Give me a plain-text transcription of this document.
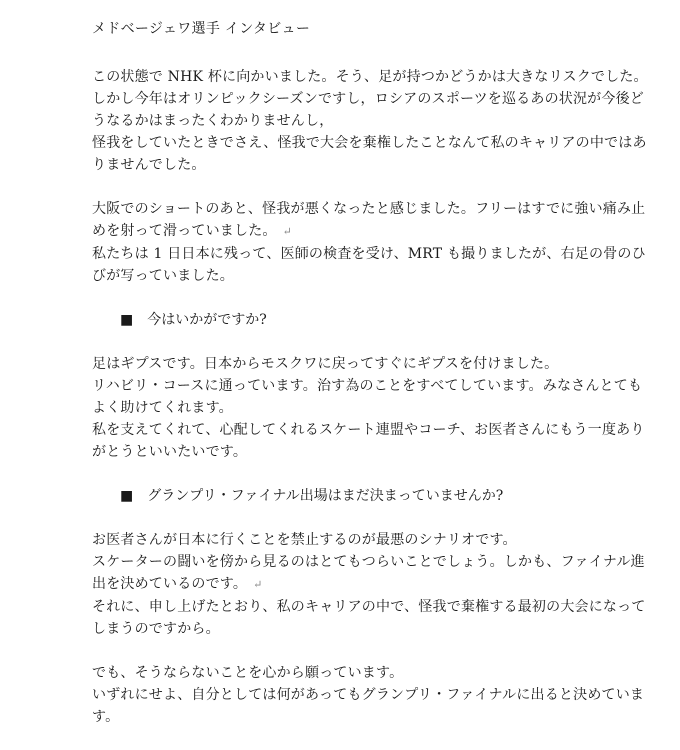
メドベージェワ選手 インタビュー

この状態で NHK 杯に向かいました。そう、足が持つかどうかは大きなリスクでした。

しかし今年はオリンピックシーズンですし，ロシアのスポーツを巡るあの状況が今後ど

うなるかはまったくわかりませんし，

怪我をしていたときでさえ、怪我で大会を棄権したことなんて私のキャリアの中ではあ

りませんでした。

大阪でのショートのあと、怪我が悪くなったと感じました。フリーはすでに強い痛み止

めを射って滑っていました。 ↵

私たちは 1 日日本に残って、医師の検査を受け、MRT も撮りましたが、右足の骨のひ

びが写っていました。

■ 今はいかがですか?

足はギプスです。日本からモスクワに戻ってすぐにギプスを付けました。

リハビリ・コースに通っています。治す為のことをすべてしています。みなさんとても

よく助けてくれます。

私を支えてくれて、心配してくれるスケート連盟やコーチ、お医者さんにもう一度あり

がとうといいたいです。

■ グランプリ・ファイナル出場はまだ決まっていませんか?

お医者さんが日本に行くことを禁止するのが最悪のシナリオです。

スケーターの闘いを傍から見るのはとてもつらいことでしょう。しかも、ファイナル進

出を決めているのです。 ↵

それに、申し上げたとおり、私のキャリアの中で、怪我で棄権する最初の大会になって

しまうのですから。

でも、そうならないことを心から願っています。

いずれにせよ、自分としては何があってもグランプリ・ファイナルに出ると決めていま

す。
